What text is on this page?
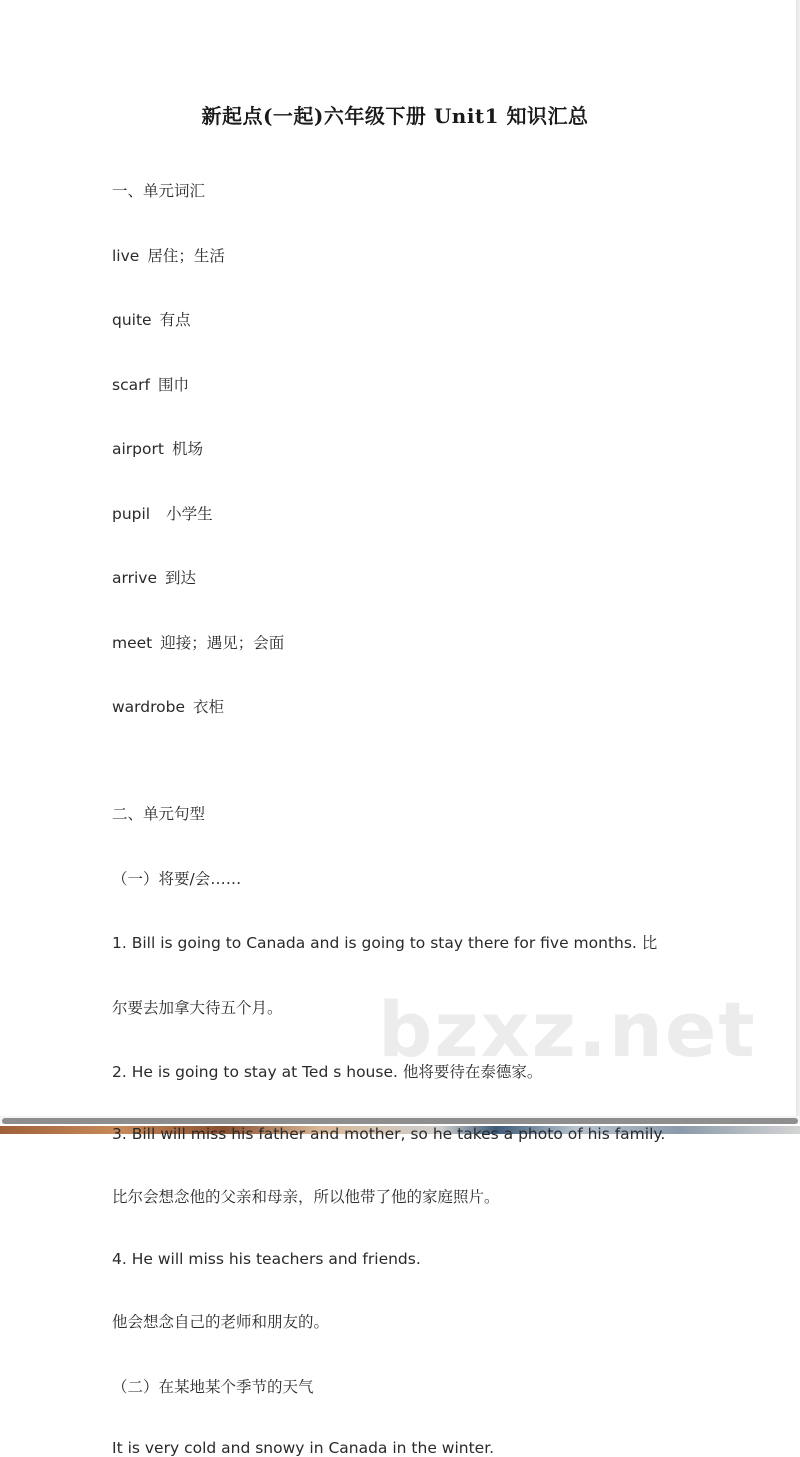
bzxz.net
新起点(一起)六年级下册 Unit1 知识汇总
一、单元词汇
live 居住；生活
quite 有点
scarf 围巾
airport 机场
pupil 小学生
arrive 到达
meet 迎接；遇见；会面
wardrobe 衣柜
二、单元句型
（一）将要/会……
1. Bill is going to Canada and is going to stay there for five months. 比
尔要去加拿大待五个月。
2. He is going to stay at Ted s house. 他将要待在泰德家。
3. Bill will miss his father and mother, so he takes a photo of his family.
比尔会想念他的父亲和母亲，所以他带了他的家庭照片。
4. He will miss his teachers and friends.
他会想念自己的老师和朋友的。
（二）在某地某个季节的天气
It is very cold and snowy in Canada in the winter.
